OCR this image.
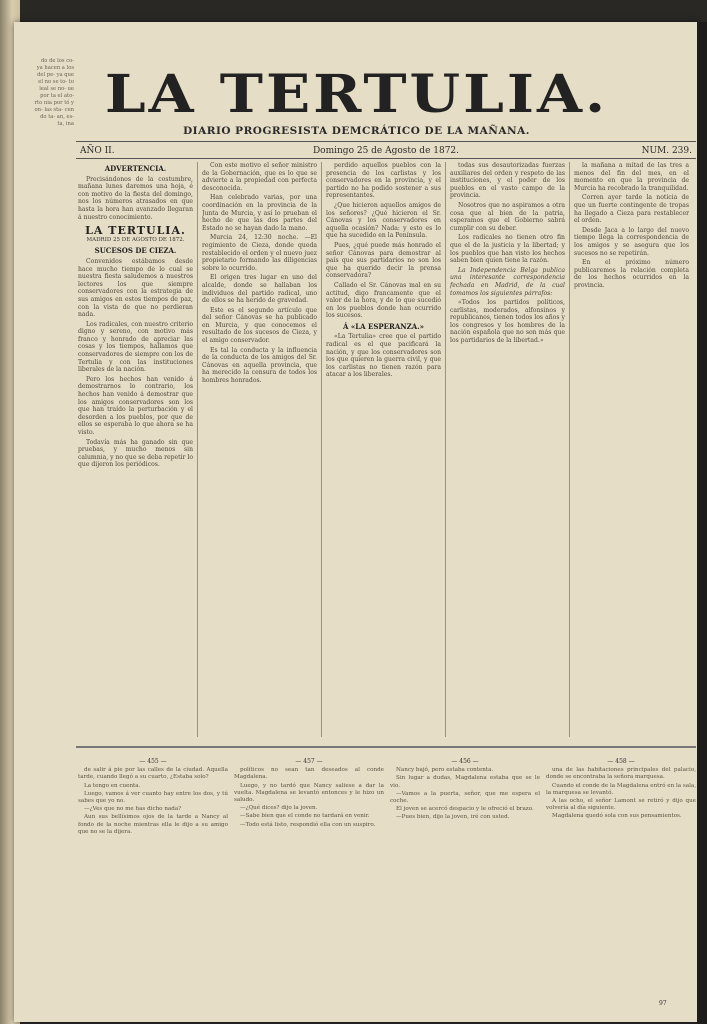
LA TERTULIA.
DIARIO PROGRESISTA DEMCRÁTICO DE LA MAÑANA.
AÑO II.	Domingo 25 de Agosto de 1872.	NUM. 239.
do de los co- ya hacen a los del pe- ya que el no se to- to leal se no- ue por ta el ato- rto nia por tó y on- las sta- cen do ta- an, es- ta, ina
ADVERTENCIA.

Precisándonos de la costumbre, mañana lunes daremos una hoja, é con motivo de la fiesta del domingo, nos los números atrasados en que hasta la hora han avanzado llegaran á nuestro conocimiento.

LA TERTULIA.
MADRID 25 DE AGOSTO DE 1872.
SUCESOS DE CIEZA.

Convenidos estábamos desde hace mucho tiempo de lo cual se nuestra fiesta saludemos a nuestros lectores los que siempre conservadores con la estrategia de sus amigos en estos tiempos de paz, con la vista de que no perdieran nada.

Los radicales, con nuestro criterio digno y sereno, con motivo más franco y honrado de apreciar las cosas y los tiempos, hallamos que conservadores de siempre con los de Tertulia y con las instituciones liberales de la nación.

Pero los hechos han venido á demostrarnos lo contrario, los hechos han venido á demostrar que los amigos conservadores son los que han traído la perturbación y el desorden a los pueblos, por que de ellos se esperaba lo que ahora se ha visto.

Todavía más ha ganado sin que pruebas, y mucho menos sin calumnia, y no que se deba repetir lo que dijeron los periódicos.

Con este motivo el señor ministro de la Gobernación, que es lo que se advierte a la propiedad con perfecta desconocida.

Han celebrado varias, por una coordinación en la provincia de la Junta de Murcia, y así lo prueban el hecho de que las dos partes del Estado no se hayan dado la mano.

Murcia 24, 12:30 noche. —El regimiento de Cieza, donde queda restablecido el orden y el nuevo juez propietario formando las diligencias sobre lo ocurrido.

El origen tres lugar en uno del alcalde, donde se hallaban los individuos del partido radical, uno de ellos se ha herido de gravedad.

Este es el segundo artículo que del señor Cánovas se ha publicado en Murcia, y que conocemos el resultado de los sucesos de Cieza, y el amigo conservador.

Es tal la conducta y la influencia de la conducta de los amigos del Sr. Cánovas en aquella provincia, que ha merecido la censura de todos los hombres honrados.

perdido aquellos pueblos con la presencia de los carlistas y los conservadores en la provincia, y el partido no ha podido sostener a sus representantes.

¿Que hicieron aquellos amigos de los señores? ¿Qué hicieron el Sr. Cánovas y los conservadores en aquella ocasión? Nada: y esto es lo que ha sucedido en la Península.

Pues, ¿qué puede más honrado el señor Cánovas para demostrar al país que sus partidarios no son los que ha querido decir la prensa conservadora?

Callado el Sr. Cánovas mal en su actitud, digo francamente que el valor de la hora, y de lo que sucedió en los pueblos donde han ocurrido los sucesos.

Á «LA ESPERANZA.»

«La Tertulia» cree que el partido radical es el que pacificará la nación, y que los conservadores son los que quieren la guerra civil, y que los carlistas no tienen razón para atacar a los liberales.

todas sus desautorizadas fuerzas auxiliares del orden y respeto de las instituciones, y el poder de los pueblos en el vasto campo de la provincia.

Nosotros que no aspiramos a otra cosa que al bien de la patria, esperamos que el Gobierno sabrá cumplir con su deber.

Los radicales no tienen otro fin que el de la justicia y la libertad; y los pueblos que han visto los hechos saben bien quien tiene la razón.

La Independencia Belga publica una interesante correspondencia fechada en Madrid, de la cual tomamos los siguientes párrafos:

«Todos los partidos políticos, carlistas, moderados, alfonsinos y republicanos, tienen todos los años y los congresos y los hombres de la nación española que no son más que los partidarios de la libertad.»

la mañana a mitad de las tres a menos del fin del mes, en el momento en que la provincia de Murcia ha recobrado la tranquilidad.

Corren ayer tarde la noticia de que un fuerte contingente de tropas ha llegado a Cieza para restablecer el orden.

Desde Jaca a lo largo del nuevo tiempo llega la correspondencia de los amigos y se asegura que los sucesos no se repetirán.

En el próximo número publicaremos la relación completa de los hechos ocurridos en la provincia.

— 455 —

de salir á pie por las calles de la ciudad. Aquella tarde, cuando llegó a su cuarto, ¿Estaba solo?

La tengo en cuenta.

Luego, vamos á ver cuanto hay entre los dos, y tú sabes que yo no.

—¿Ves que no me has dicho nada?

Aun sus bellísimos ojos de la tarde a Nancy al fondo de la noche mientras ella le dijo a su amigo que no se la dijera.

— 457 —

políticos no sean tan deseados al conde Magdalena.

Luego, y no tardó que Nancy saliese a dar la vuelta. Magdalena se levantó entonces y le hizo un saludo.

—¿Qué dices? dijo la joven.

—Sabe bien que el conde no tardará en venir.

—Todo está listo, respondió ella con un suspiro.

— 456 —

Nancy bajó, pero estaba contenta.

Sin lugar a dudas, Magdalena estaba que se le vio.

—Vamos a la puerta, señor, que me espera el coche.

El joven se acercó despacio y le ofreció el brazo.

—Pues bien, dijo la joven, iré con usted.

— 458 —

una de las habitaciones principales del palacio, donde se encontraba la señora marquesa.

Cuando el conde de la Magdalena entró en la sala, la marquesa se levantó.

A las ocho, el señor Lamont se retiró y dijo que volvería al día siguiente.

Magdalena quedó sola con sus pensamientos.

97
